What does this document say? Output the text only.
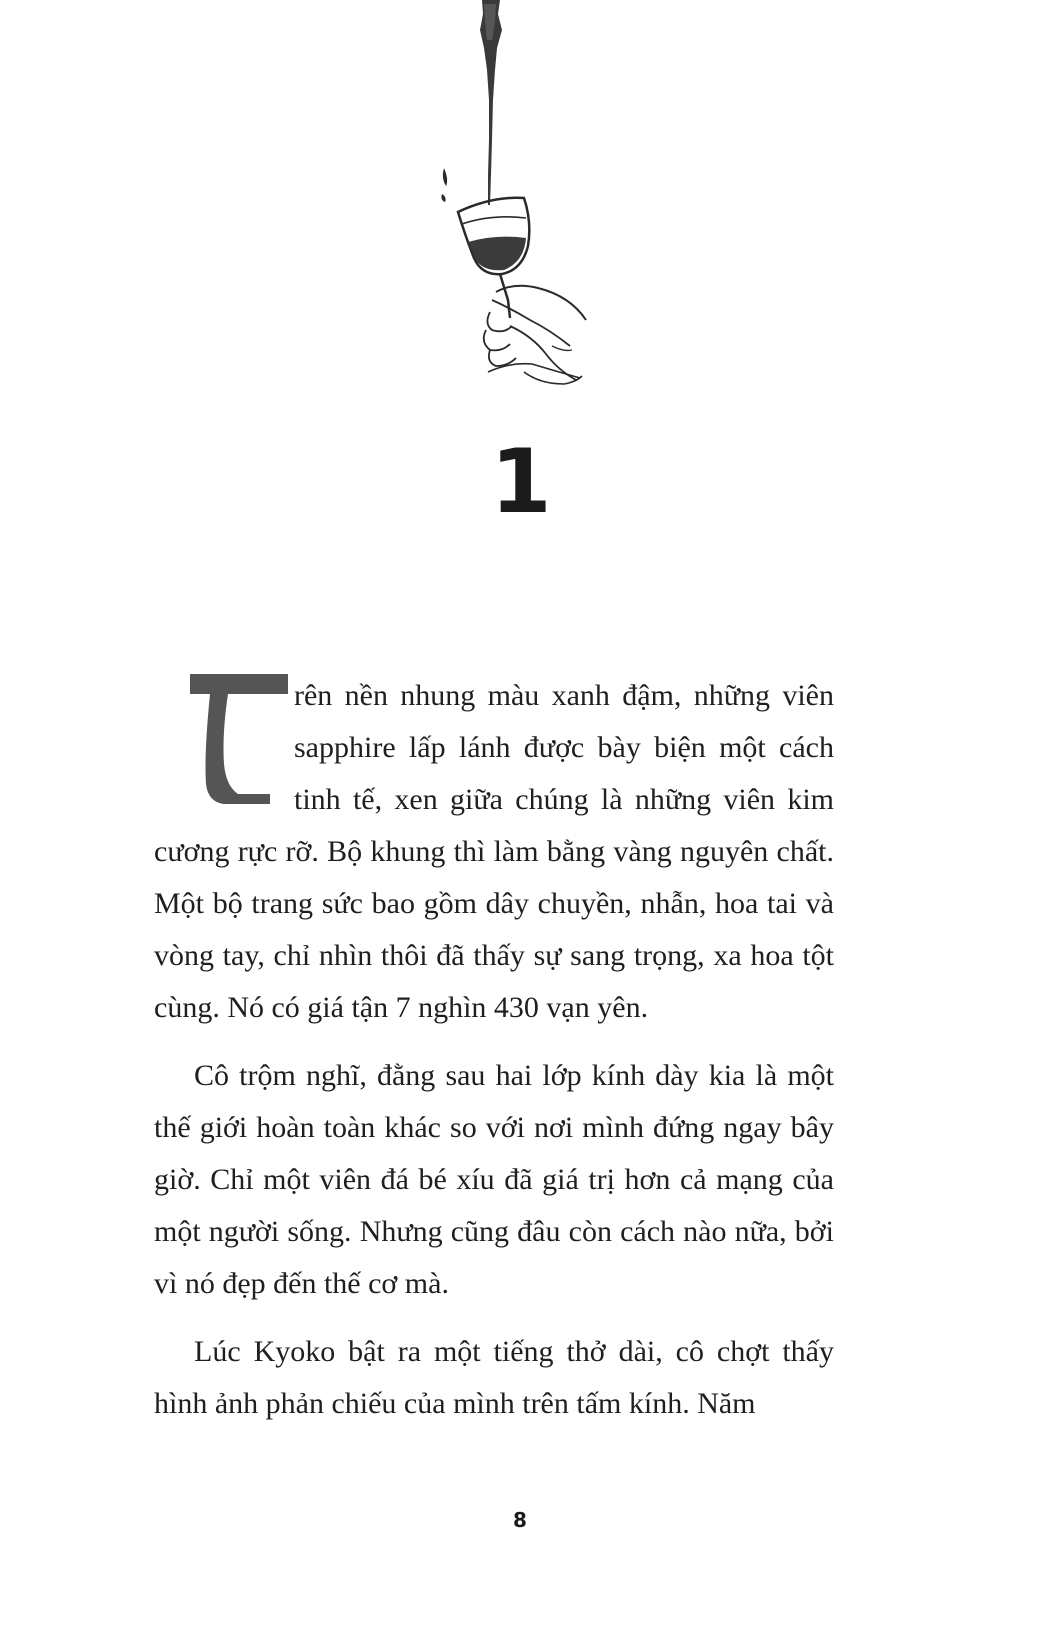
1

rên nền nhung màu xanh đậm, những viên sapphire lấp lánh được bày biện một cách tinh tế, xen giữa chúng là những viên kim cương rực rỡ. Bộ khung thì làm bằng vàng nguyên chất. Một bộ trang sức bao gồm dây chuyền, nhẫn, hoa tai và vòng tay, chỉ nhìn thôi đã thấy sự sang trọng, xa hoa tột cùng. Nó có giá tận 7 nghìn 430 vạn yên.

Cô trộm nghĩ, đằng sau hai lớp kính dày kia là một thế giới hoàn toàn khác so với nơi mình đứng ngay bây giờ. Chỉ một viên đá bé xíu đã giá trị hơn cả mạng của một người sống. Nhưng cũng đâu còn cách nào nữa, bởi vì nó đẹp đến thế cơ mà.

Lúc Kyoko bật ra một tiếng thở dài, cô chợt thấy hình ảnh phản chiếu của mình trên tấm kính. Năm

8
